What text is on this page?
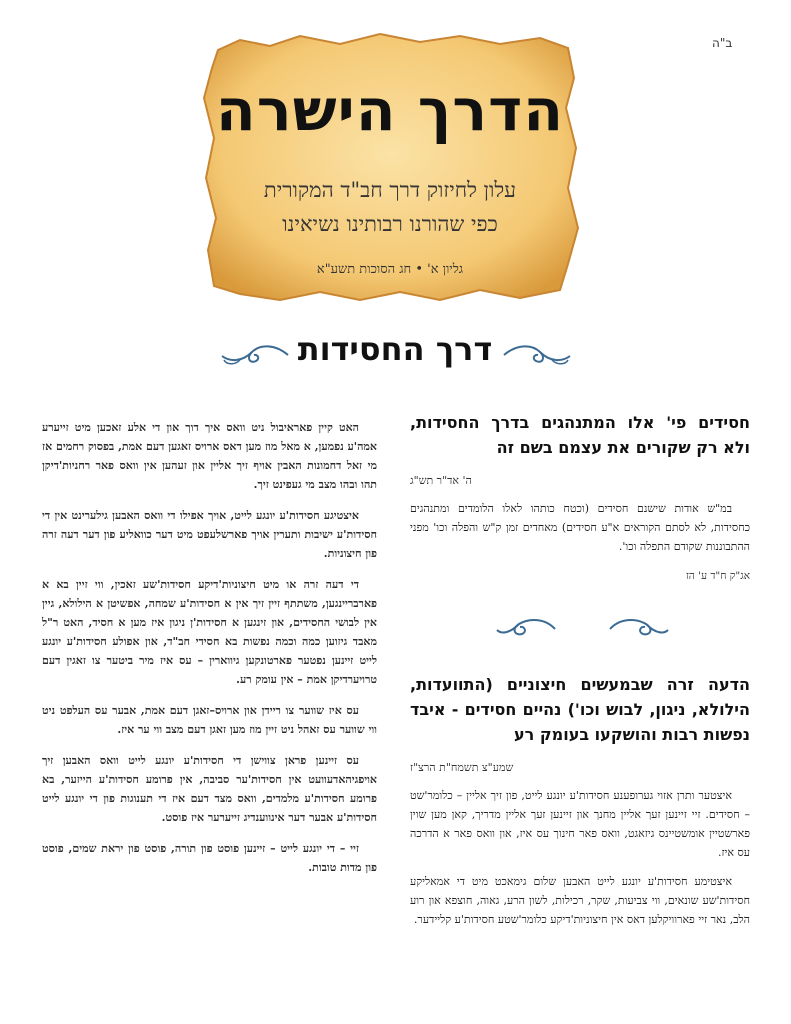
ב"ה
הדרך הישרה
עלון לחיזוק דרך חב"ד המקורית
כפי שהורנו רבותינו נשיאינו
גליון א' • חג הסוכות תשע"א
דרך החסידות

חסידים פי' אלו המתנהגים בדרך החסידות, ולא רק שקורים את עצמם בשם זה

ה' אד"ר תש"ג

במ"ש אודות שישנם חסידים (וכטח כותהו לאלו הלומדים ומתנהגים כחסידות, לא לסתם הקוראים א"ע חסידים) מאחדים זמן ק"ש והפלה וכו' מפני ההתבוננות שקודם התפלה וכו'.

אג"ק ח"ד ע' הז

הדעה זרה שבמעשים חיצוניים (התוועדות, הילולא, ניגון, לבוש וכו') נהיים חסידים - איבד נפשות רבות והושקעו בעומק רע

שמע"צ תשמח"ת הרצ"ז

איצטער ותרן אזוי גערופענע חסידות'ע יונגע לייט, פון זיך אליין – כלומר'שט – חסידים. זיי זיינען זעך אליין מחנך און זיינען זעך אליין מדריך, קאן מען שוין פארשטיין אומשטיינס גיזאגט, וואס פאר חינוך עס איז, און וואס פאר א הדרכה עס איז.

איצטימע חסידות'ע יונגע לייט האבען שלום גימאכט מיט די אמאליקע חסידות'שע שונאים, ווי צביעות, שקר, רכילות, לשון הרע, גאוה, חוצפא און רוע הלב, נאר זיי פארוויקלען דאס אין חיצוניות'דיקע כלומר'שטע חסידות'ע קליידער.

האט קיין פאראיבול ניט וואס איך דוך און די אלע זאכען מיט זייערע אמה'ע נפמען, א מאל מוז מען דאס ארויס זאגען דעם אמת, בפסוק רחמים אז מי זאל דחמונות האבין אויף זיך אליין און זעהען אין וואס פאר רחניות'דיקן תהו ובהו מצב מי געפינט זיך.

איצטיגע חסידות'ע יונגע לייט, אויך אפילו די וואס האבען גילערינט אין די חסידות'ע ישיבות ותערין אויך פארשלעפט מיט דער כוואליע פון דער דעה זרה פון חיצוניות.

די דעה זרה או מיט חיצוניות'דיקע חסידות'שע זאכין, ווי זיין בא א פארבריינגען, משתתף זיין זיך אין א חסידות'ע שמחה, אפשיטן א הילולא, גיין אין לבושי החסידים, און זינגען א חסידות'ן ניגון איז מען א חסיד, האט ר"ל מאבד גיזוען כמה וכמה נפשות בא חסידי חב"ד, און אפולע חסידות'ע יונגע לייט זיינען נפטער פארטונקען גיווארין – עס איז מיר ביטער צו זאגין דעם טרויערדיקן אמת – אין עומק רע.

עס איז שווער צו ריידן און ארויס–זאגן דעם אמת, אבער עס העלפט ניט ווי שווער עס זאהל ניט זיין מוז מען זאגן דעם מצב ווי ער איז.

עס זיינען פראן צווישן די חסידות'ע יונגע לייט וואס האבען זיך אויפגיהאדעוועט אין חסידות'ער סביבה, אין פרומע חסידות'ע הייזער, בא פרומע חסידות'ע מלמדים, וואס מצד דעם איז די תענוגות פון די יונגע לייט חסידות'ע אבער דער אינווענדיג זייערער איז פוסט.

זיי – די יונגע לייט – זיינען פוסט פון תורה, פוסט פון יראת שמים, פוסט פון מדות טובות.
